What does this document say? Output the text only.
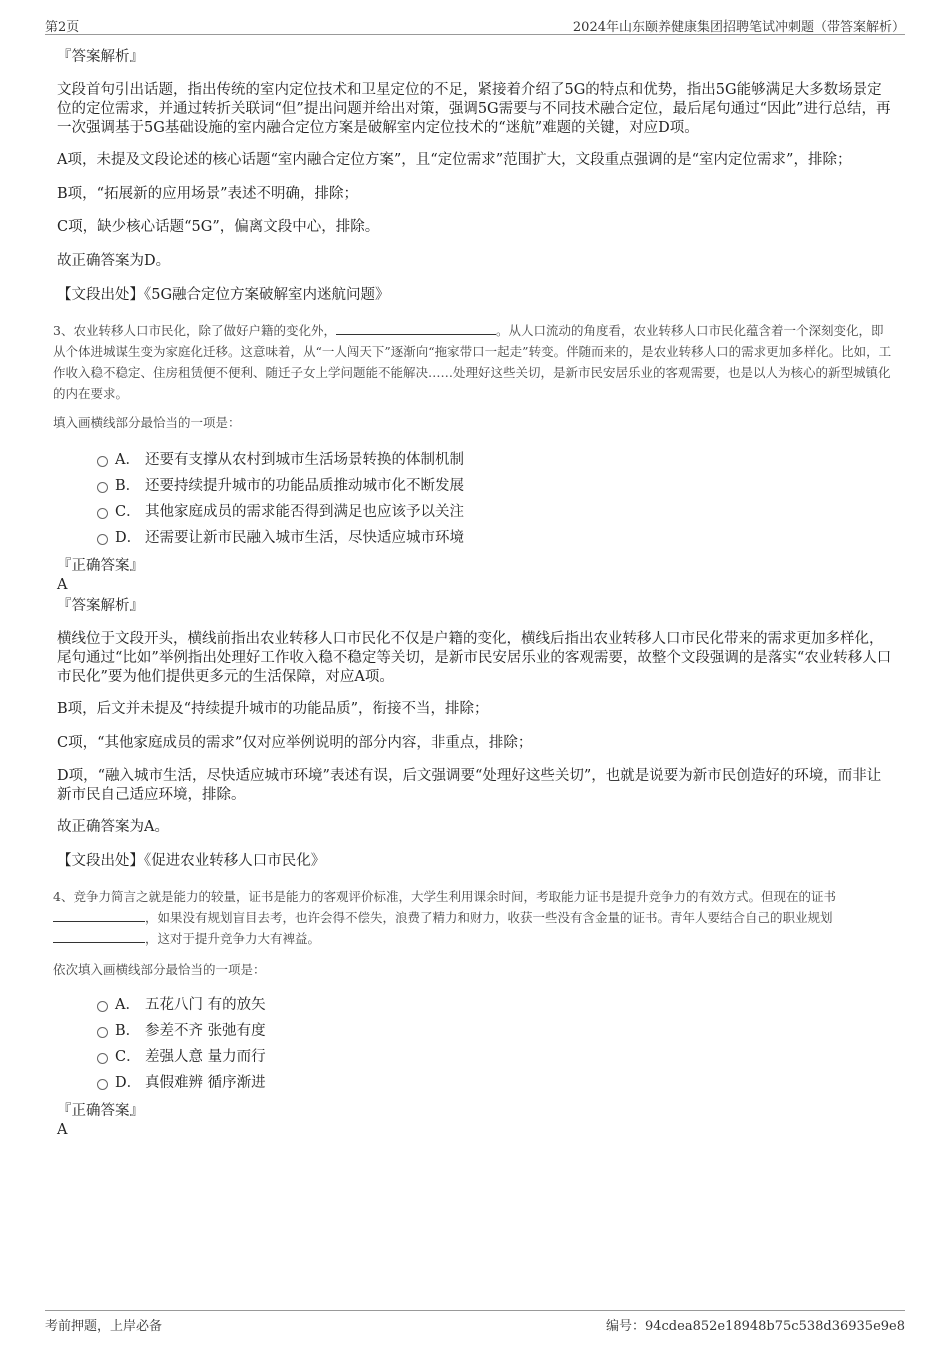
第2页	2024年山东颐养健康集团招聘笔试冲刺题（带答案解析）

『答案解析』

文段首句引出话题，指出传统的室内定位技术和卫星定位的不足，紧接着介绍了5G的特点和优势，指出5G能够满足大多数场景定位的定位需求，并通过转折关联词“但”提出问题并给出对策，强调5G需要与不同技术融合定位，最后尾句通过“因此”进行总结，再一次强调基于5G基础设施的室内融合定位方案是破解室内定位技术的“迷航”难题的关键，对应D项。

A项，未提及文段论述的核心话题“室内融合定位方案”，且“定位需求”范围扩大，文段重点强调的是“室内定位需求”，排除；

B项，“拓展新的应用场景”表述不明确，排除；

C项，缺少核心话题“5G”，偏离文段中心，排除。

故正确答案为D。

【文段出处】《5G融合定位方案破解室内迷航问题》

3、农业转移人口市民化，除了做好户籍的变化外，	。从人口流动的角度看，农业转移人口市民化蕴含着一个深刻变化，即从个体进城谋生变为家庭化迁移。这意味着，从“一人闯天下”逐渐向“拖家带口一起走”转变。伴随而来的，是农业转移人口的需求更加多样化。比如，工作收入稳不稳定、住房租赁便不便利、随迁子女上学问题能不能解决……处理好这些关切，是新市民安居乐业的客观需要，也是以人为核心的新型城镇化的内在要求。

填入画横线部分最恰当的一项是：

A． 还要有支撑从农村到城市生活场景转换的体制机制
B． 还要持续提升城市的功能品质推动城市化不断发展
C． 其他家庭成员的需求能否得到满足也应该予以关注
D． 还需要让新市民融入城市生活，尽快适应城市环境

『正确答案』

A

『答案解析』

横线位于文段开头，横线前指出农业转移人口市民化不仅是户籍的变化，横线后指出农业转移人口市民化带来的需求更加多样化，尾句通过“比如”举例指出处理好工作收入稳不稳定等关切，是新市民安居乐业的客观需要，故整个文段强调的是落实“农业转移人口市民化”要为他们提供更多元的生活保障，对应A项。

B项，后文并未提及“持续提升城市的功能品质”，衔接不当，排除；

C项，“其他家庭成员的需求”仅对应举例说明的部分内容，非重点，排除；

D项，“融入城市生活，尽快适应城市环境”表述有误，后文强调要“处理好这些关切”，也就是说要为新市民创造好的环境，而非让新市民自己适应环境，排除。

故正确答案为A。

【文段出处】《促进农业转移人口市民化》

4、竞争力简言之就是能力的较量，证书是能力的客观评价标准，大学生利用课余时间，考取能力证书是提升竞争力的有效方式。但现在的证书，如果没有规划盲目去考，也许会得不偿失，浪费了精力和财力，收获一些没有含金量的证书。青年人要结合自己的职业规划，这对于提升竞争力大有裨益。

依次填入画横线部分最恰当的一项是：

A． 五花八门 有的放矢
B． 参差不齐 张弛有度
C． 差强人意 量力而行
D． 真假难辨 循序渐进

『正确答案』

A

考前押题，上岸必备	编号：94cdea852e18948b75c538d36935e9e8
